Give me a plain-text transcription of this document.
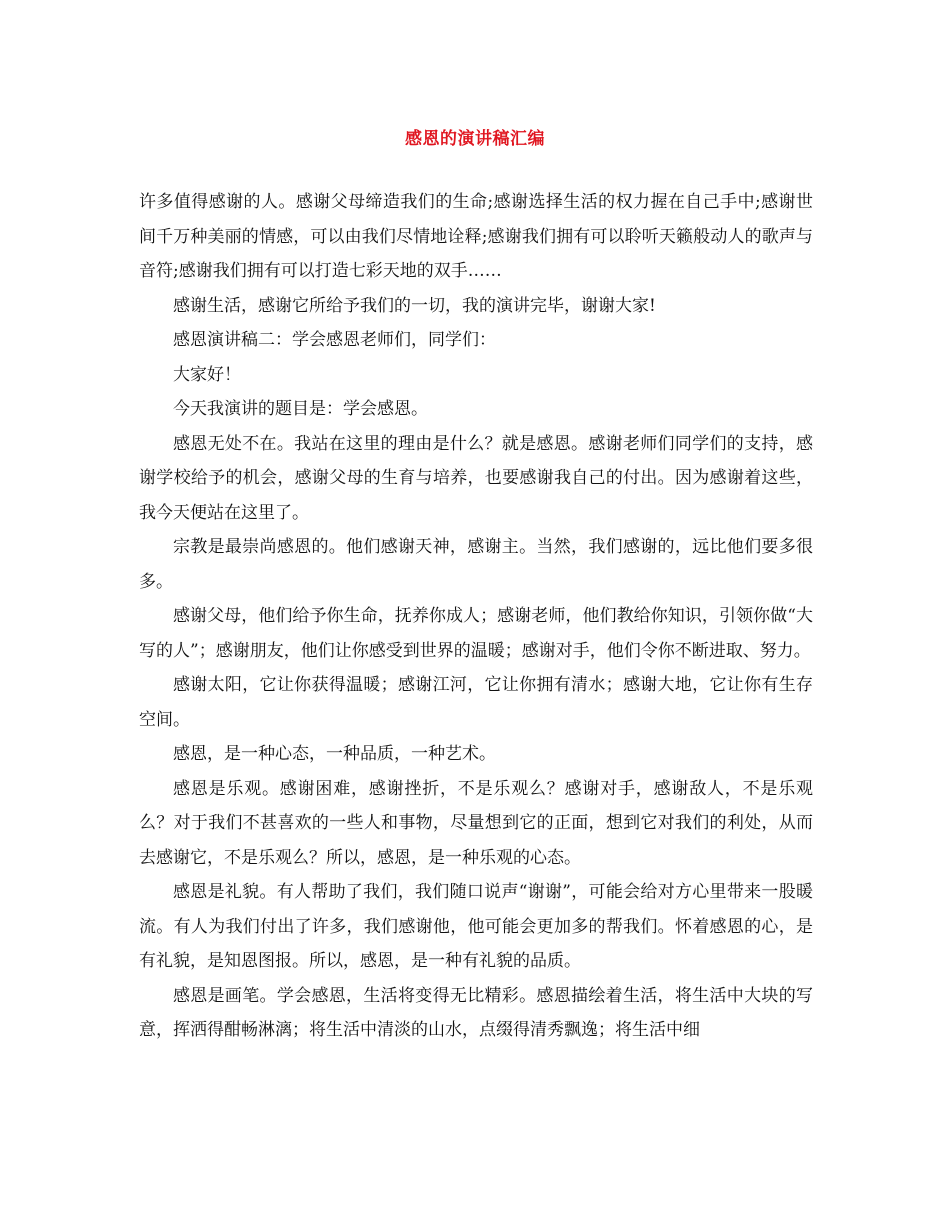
感恩的演讲稿汇编

许多值得感谢的人。感谢父母缔造我们的生命;感谢选择生活的权力握在自己手中;感谢世间千万种美丽的情感，可以由我们尽情地诠释;感谢我们拥有可以聆听天籁般动人的歌声与音符;感谢我们拥有可以打造七彩天地的双手……

感谢生活，感谢它所给予我们的一切，我的演讲完毕，谢谢大家!

感恩演讲稿二：学会感恩老师们，同学们：

大家好！

今天我演讲的题目是：学会感恩。

感恩无处不在。我站在这里的理由是什么？就是感恩。感谢老师们同学们的支持，感谢学校给予的机会，感谢父母的生育与培养，也要感谢我自己的付出。因为感谢着这些，我今天便站在这里了。

宗教是最崇尚感恩的。他们感谢天神，感谢主。当然，我们感谢的，远比他们要多很多。

感谢父母，他们给予你生命，抚养你成人；感谢老师，他们教给你知识，引领你做“大写的人”；感谢朋友，他们让你感受到世界的温暖；感谢对手，他们令你不断进取、努力。

感谢太阳，它让你获得温暖；感谢江河，它让你拥有清水；感谢大地，它让你有生存空间。

感恩，是一种心态，一种品质，一种艺术。

感恩是乐观。感谢困难，感谢挫折，不是乐观么？感谢对手，感谢敌人，不是乐观么？对于我们不甚喜欢的一些人和事物，尽量想到它的正面，想到它对我们的利处，从而去感谢它，不是乐观么？所以，感恩，是一种乐观的心态。

感恩是礼貌。有人帮助了我们，我们随口说声“谢谢”，可能会给对方心里带来一股暖流。有人为我们付出了许多，我们感谢他，他可能会更加多的帮我们。怀着感恩的心，是有礼貌，是知恩图报。所以，感恩，是一种有礼貌的品质。

感恩是画笔。学会感恩，生活将变得无比精彩。感恩描绘着生活，将生活中大块的写意，挥洒得酣畅淋漓；将生活中清淡的山水，点缀得清秀飘逸；将生活中细
